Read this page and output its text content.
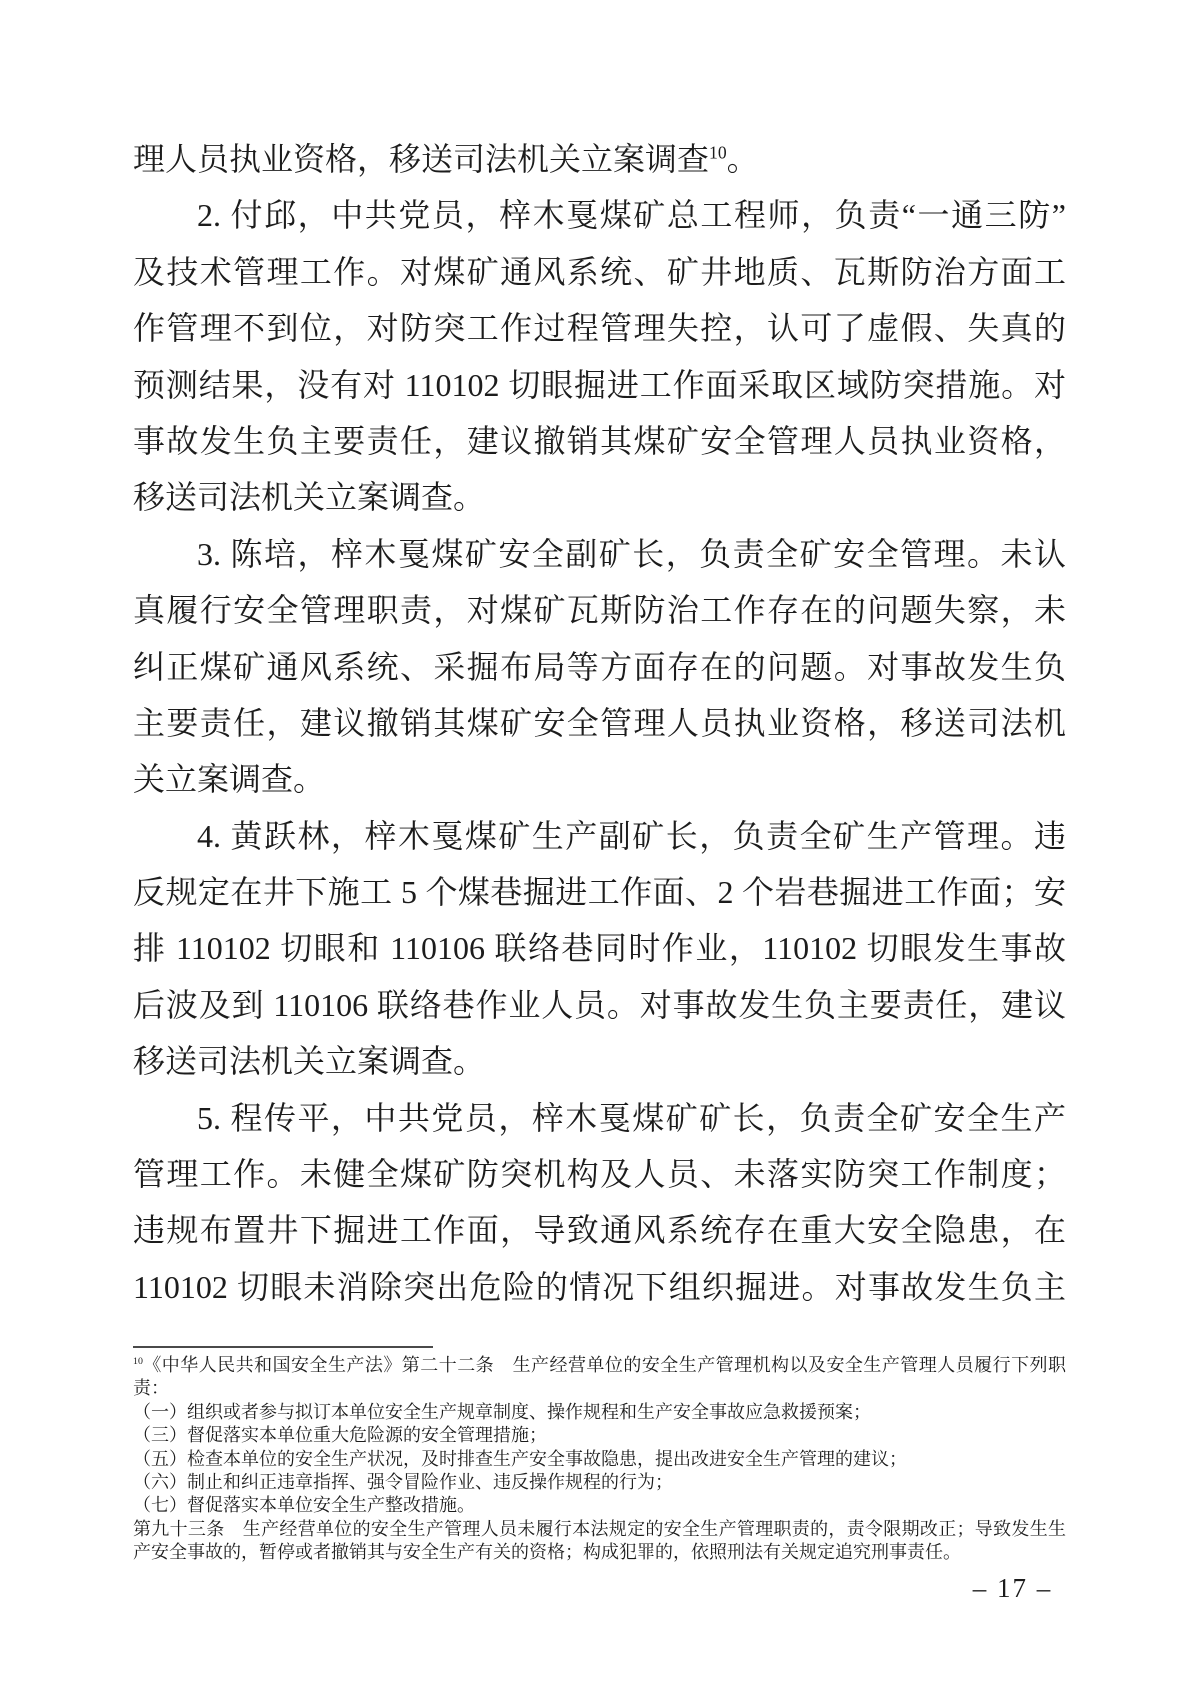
理人员执业资格，移送司法机关立案调查$^{10}$。
2. 付邱，中共党员，梓木戛煤矿总工程师，负责“一通三防”
及技术管理工作。对煤矿通风系统、矿井地质、瓦斯防治方面工
作管理不到位，对防突工作过程管理失控，认可了虚假、失真的
预测结果，没有对 110102 切眼掘进工作面采取区域防突措施。对
事故发生负主要责任，建议撤销其煤矿安全管理人员执业资格，
移送司法机关立案调查。
3. 陈培，梓木戛煤矿安全副矿长，负责全矿安全管理。未认
真履行安全管理职责，对煤矿瓦斯防治工作存在的问题失察，未
纠正煤矿通风系统、采掘布局等方面存在的问题。对事故发生负
主要责任，建议撤销其煤矿安全管理人员执业资格，移送司法机
关立案调查。
4. 黄跃林，梓木戛煤矿生产副矿长，负责全矿生产管理。违
反规定在井下施工 5 个煤巷掘进工作面、2 个岩巷掘进工作面；安
排 110102 切眼和 110106 联络巷同时作业，110102 切眼发生事故
后波及到 110106 联络巷作业人员。对事故发生负主要责任，建议
移送司法机关立案调查。
5. 程传平，中共党员，梓木戛煤矿矿长，负责全矿安全生产
管理工作。未健全煤矿防突机构及人员、未落实防突工作制度；
违规布置井下掘进工作面，导致通风系统存在重大安全隐患，在
110102 切眼未消除突出危险的情况下组织掘进。对事故发生负主
$^{10}$《中华人民共和国安全生产法》第二十二条　生产经营单位的安全生产管理机构以及安全生产管理人员履行下列职
责：
（一）组织或者参与拟订本单位安全生产规章制度、操作规程和生产安全事故应急救援预案；
（三）督促落实本单位重大危险源的安全管理措施；
（五）检查本单位的安全生产状况，及时排查生产安全事故隐患，提出改进安全生产管理的建议；
（六）制止和纠正违章指挥、强令冒险作业、违反操作规程的行为；
（七）督促落实本单位安全生产整改措施。
第九十三条　生产经营单位的安全生产管理人员未履行本法规定的安全生产管理职责的，责令限期改正；导致发生生
产安全事故的，暂停或者撤销其与安全生产有关的资格；构成犯罪的，依照刑法有关规定追究刑事责任。
– 17 –
